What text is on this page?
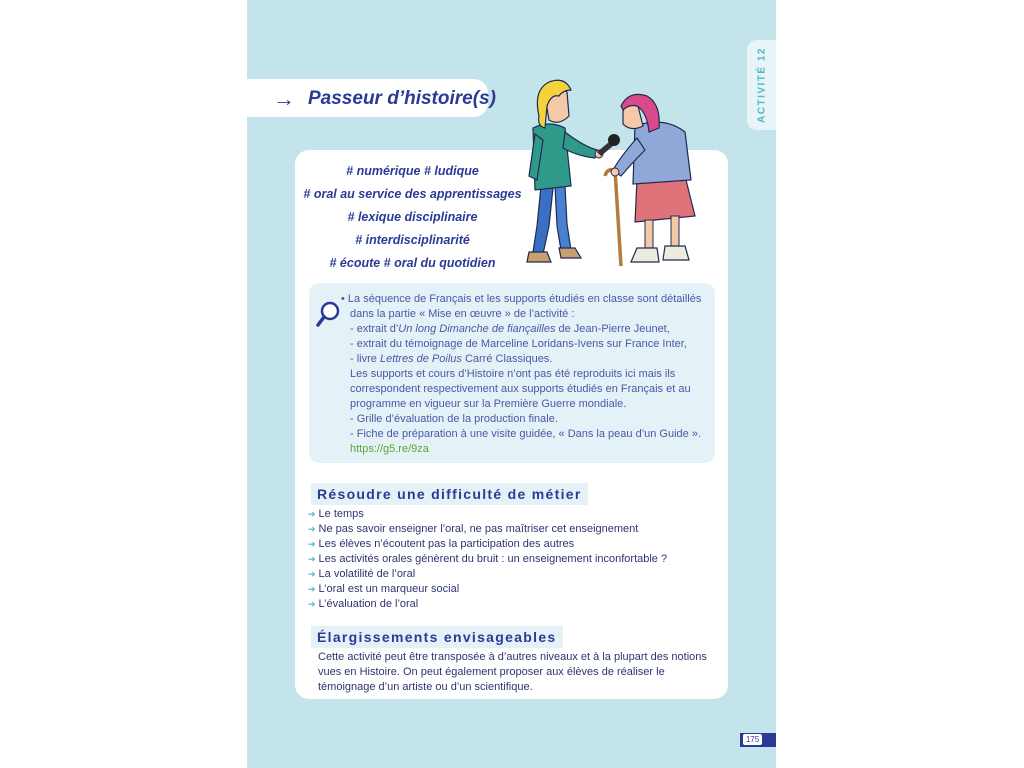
ACTIVITÉ 12
→ Passeur d’histoire(s)
# numérique # ludique
# oral au service des apprentissages
# lexique disciplinaire
# interdisciplinarité
# écoute # oral du quotidien
• La séquence de Français et les supports étudiés en classe sont détaillés
dans la partie « Mise en œuvre » de l’activité :
- extrait d’Un long Dimanche de fiançailles de Jean-Pierre Jeunet,
- extrait du témoignage de Marceline Loridans-Ivens sur France Inter,
- livre Lettres de Poilus Carré Classiques.
Les supports et cours d’Histoire n’ont pas été reproduits ici mais ils
correspondent respectivement aux supports étudiés en Français et au
programme en vigueur sur la Première Guerre mondiale.
- Grille d’évaluation de la production finale.
- Fiche de préparation à une visite guidée, « Dans la peau d’un Guide ».
https://g5.re/9za
Résoudre une difficulté de métier
➔ Le temps
➔ Ne pas savoir enseigner l’oral, ne pas maîtriser cet enseignement
➔ Les élèves n’écoutent pas la participation des autres
➔ Les activités orales génèrent du bruit : un enseignement inconfortable ?
➔ La volatilité de l’oral
➔ L’oral est un marqueur social
➔ L’évaluation de l’oral
Élargissements envisageables
Cette activité peut être transposée à d’autres niveaux et à la plupart des notions vues en Histoire. On peut également proposer aux élèves de réaliser le témoignage d’un artiste ou d’un scientifique.
175
